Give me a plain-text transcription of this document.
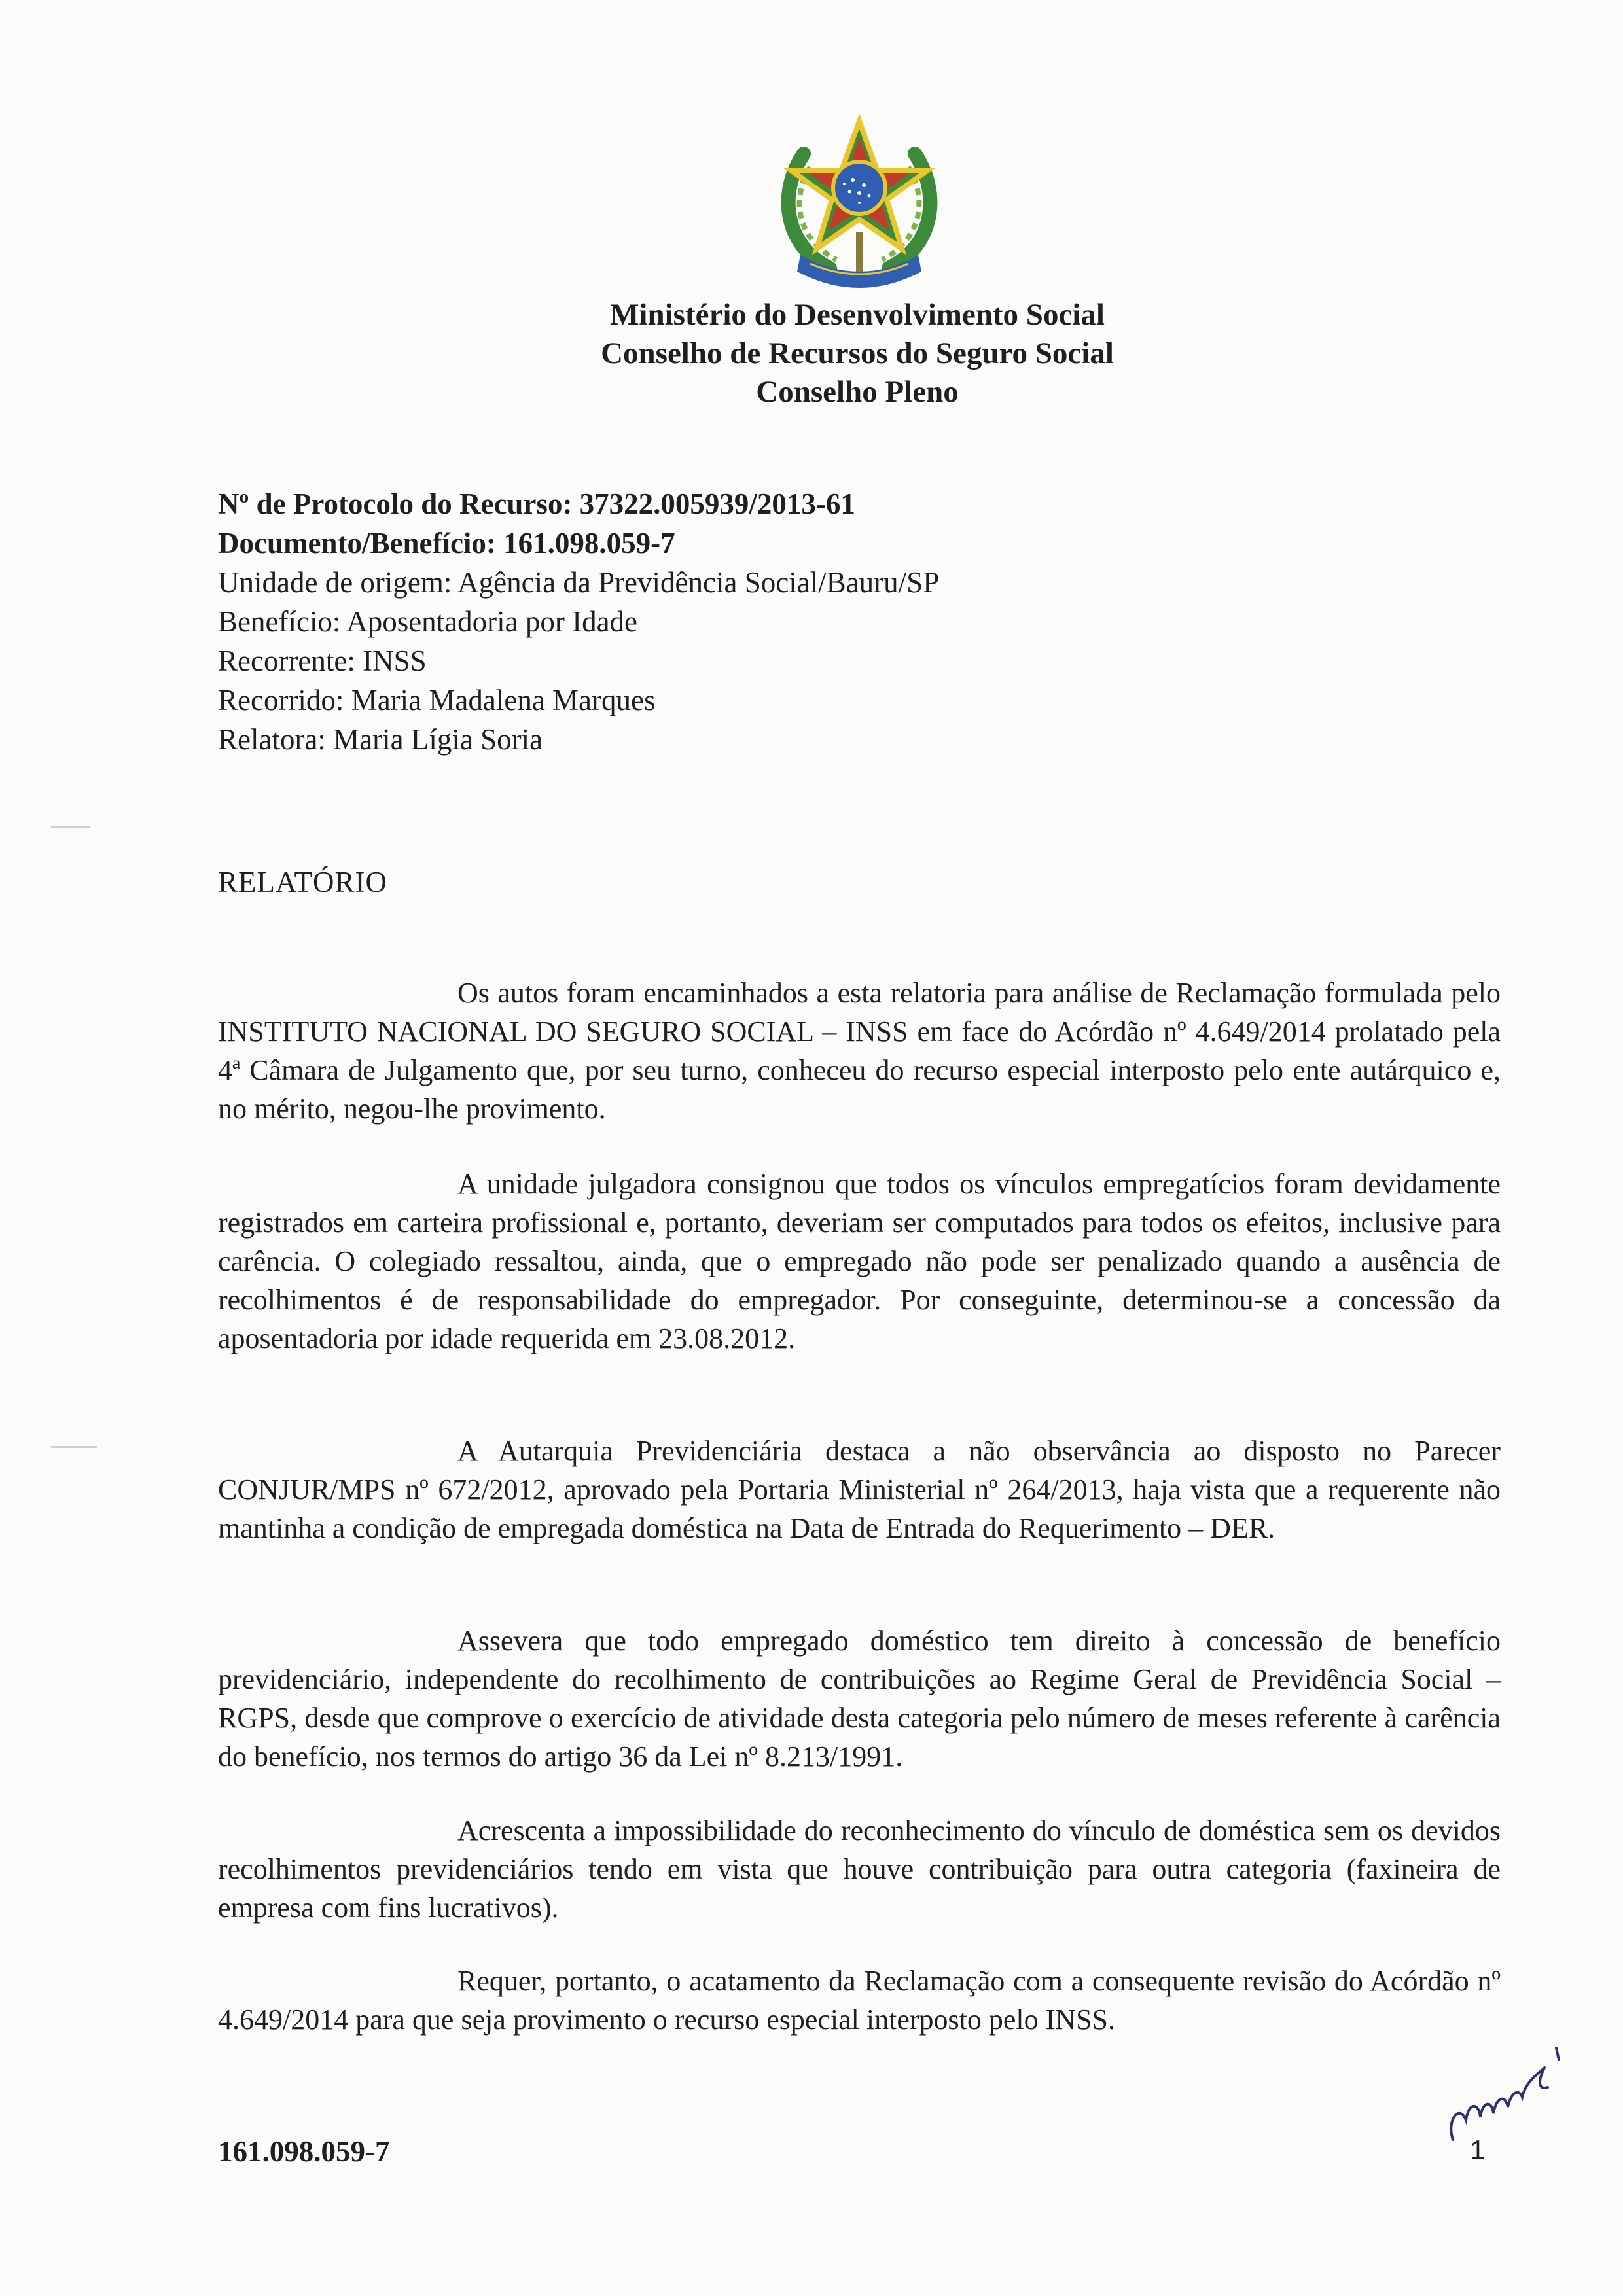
Ministério do Desenvolvimento Social
Conselho de Recursos do Seguro Social
Conselho Pleno
Nº de Protocolo do Recurso: 37322.005939/2013-61
Documento/Benefício: 161.098.059-7
Unidade de origem: Agência da Previdência Social/Bauru/SP
Benefício: Aposentadoria por Idade
Recorrente: INSS
Recorrido: Maria Madalena Marques
Relatora: Maria Lígia Soria
RELATÓRIO

Os autos foram encaminhados a esta relatoria para análise de Reclamação formulada pelo INSTITUTO NACIONAL DO SEGURO SOCIAL – INSS em face do Acórdão nº 4.649/2014 prolatado pela 4ª Câmara de Julgamento que, por seu turno, conheceu do recurso especial interposto pelo ente autárquico e, no mérito, negou-lhe provimento.

A unidade julgadora consignou que todos os vínculos empregatícios foram devidamente registrados em carteira profissional e, portanto, deveriam ser computados para todos os efeitos, inclusive para carência. O colegiado ressaltou, ainda, que o empregado não pode ser penalizado quando a ausência de recolhimentos é de responsabilidade do empregador. Por conseguinte, determinou-se a concessão da aposentadoria por idade requerida em 23.08.2012.

A Autarquia Previdenciária destaca a não observância ao disposto no Parecer CONJUR/MPS nº 672/2012, aprovado pela Portaria Ministerial nº 264/2013, haja vista que a requerente não mantinha a condição de empregada doméstica na Data de Entrada do Requerimento – DER.

Assevera que todo empregado doméstico tem direito à concessão de benefício previdenciário, independente do recolhimento de contribuições ao Regime Geral de Previdência Social – RGPS, desde que comprove o exercício de atividade desta categoria pelo número de meses referente à carência do benefício, nos termos do artigo 36 da Lei nº 8.213/1991.

Acrescenta a impossibilidade do reconhecimento do vínculo de doméstica sem os devidos recolhimentos previdenciários tendo em vista que houve contribuição para outra categoria (faxineira de empresa com fins lucrativos).

Requer, portanto, o acatamento da Reclamação com a consequente revisão do Acórdão nº 4.649/2014 para que seja provimento o recurso especial interposto pelo INSS.

161.098.059-7	1
